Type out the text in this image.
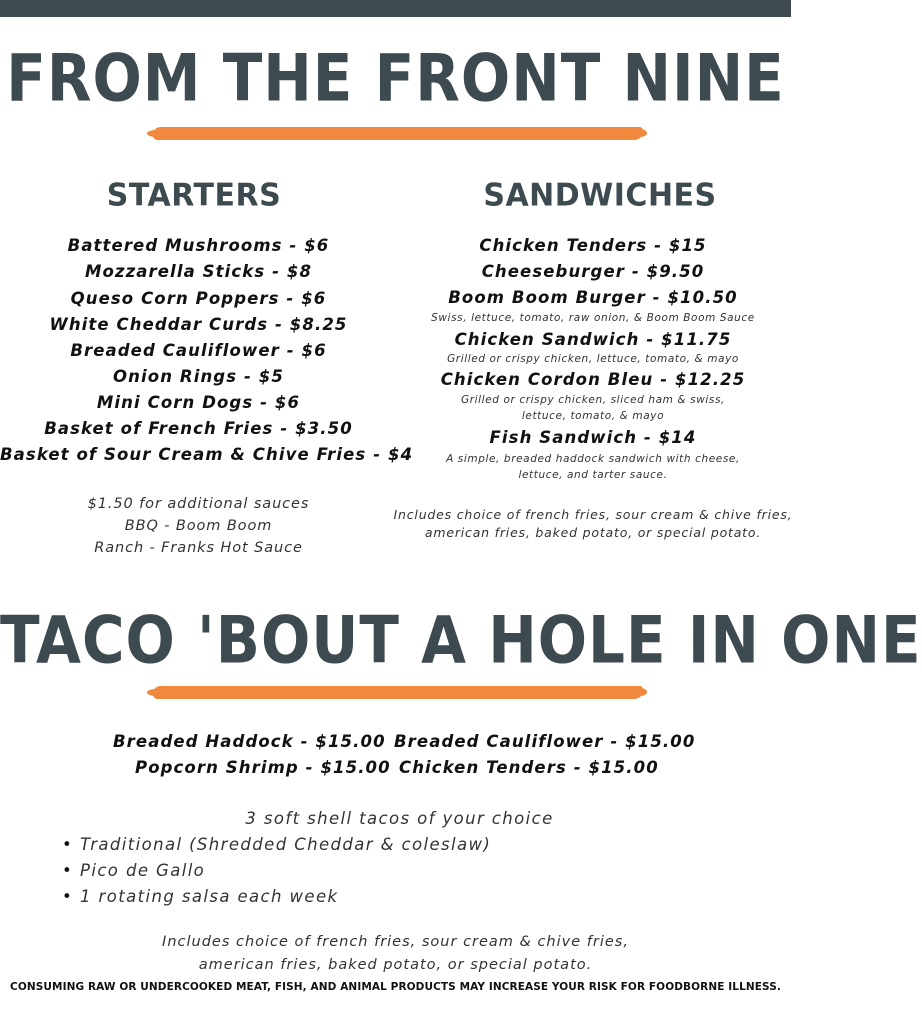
FROM THE FRONT NINE
STARTERS
Battered Mushrooms - $6
Mozzarella Sticks - $8
Queso Corn Poppers - $6
White Cheddar Curds - $8.25
Breaded Cauliflower - $6
Onion Rings - $5
Mini Corn Dogs - $6
Basket of French Fries - $3.50
Basket of Sour Cream & Chive Fries - $4
$1.50 for additional sauces
BBQ - Boom Boom
Ranch - Franks Hot Sauce
SANDWICHES
Chicken Tenders - $15
Cheeseburger - $9.50
Boom Boom Burger - $10.50
Swiss, lettuce, tomato, raw onion, & Boom Boom Sauce
Chicken Sandwich - $11.75
Grilled or crispy chicken, lettuce, tomato, & mayo
Chicken Cordon Bleu - $12.25
Grilled or crispy chicken, sliced ham & swiss,
lettuce, tomato, & mayo
Fish Sandwich - $14
A simple, breaded haddock sandwich with cheese,
lettuce, and tarter sauce.
Includes choice of french fries, sour cream & chive fries,
american fries, baked potato, or special potato.
TACO 'BOUT A HOLE IN ONE
Breaded Haddock - $15.00 Breaded Cauliflower - $15.00
Popcorn Shrimp - $15.00 Chicken Tenders - $15.00
3 soft shell tacos of your choice
• Traditional (Shredded Cheddar & coleslaw)
• Pico de Gallo
• 1 rotating salsa each week
Includes choice of french fries, sour cream & chive fries,
american fries, baked potato, or special potato.
CONSUMING RAW OR UNDERCOOKED MEAT, FISH, AND ANIMAL PRODUCTS MAY INCREASE YOUR RISK FOR FOODBORNE ILLNESS.
